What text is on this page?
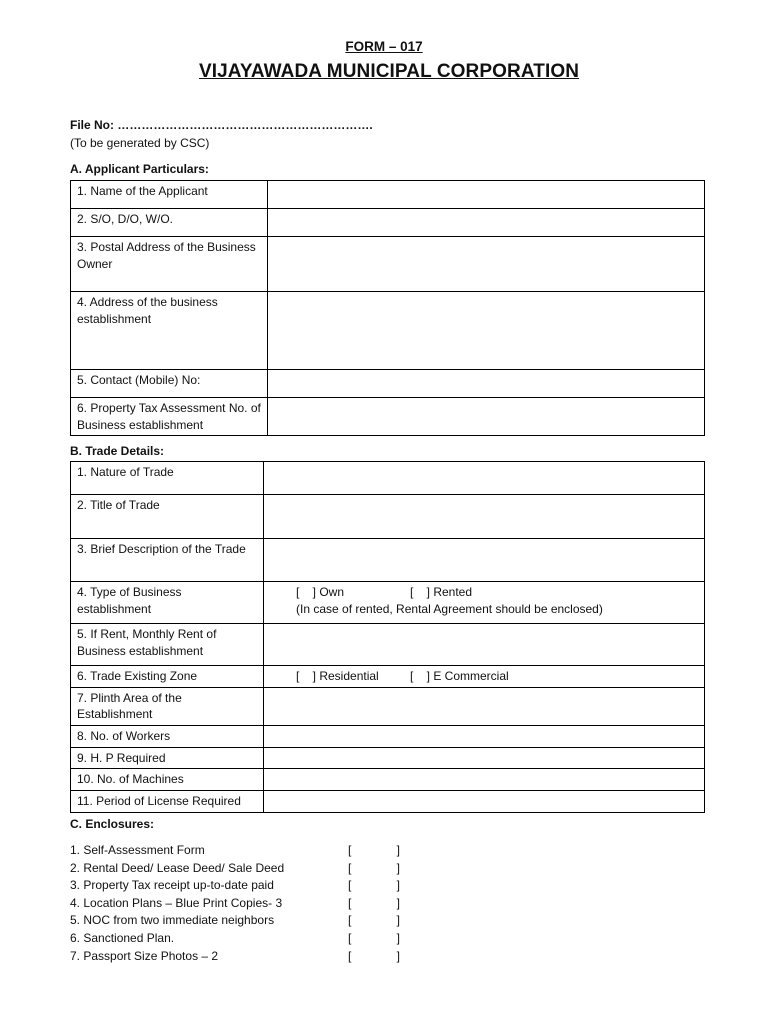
FORM – 017
VIJAYAWADA MUNICIPAL CORPORATION
File No: ……………………………………………………….
(To be generated by CSC)
A. Applicant Particulars:
1. Name of the Applicant	
2. S/O, D/O, W/O.	
3. Postal Address of the Business Owner	
4. Address of the business establishment	
5. Contact (Mobile) No:	
6. Property Tax Assessment No. of Business establishment	
B. Trade Details:
1. Nature of Trade	
2. Title of Trade	
3. Brief Description of the Trade	
4. Type of Business establishment	[    ] Own [    ] Rented
(In case of rented, Rental Agreement should be enclosed)

5. If Rent, Monthly Rent of Business establishment	
6. Trade Existing Zone	[    ] Residential [    ] E Commercial

7. Plinth Area of the Establishment	
8. No. of Workers	
9. H. P Required	
10. No. of Machines	
11. Period of License Required	
C. Enclosures:
1. Self-Assessment Form	[	]
2. Rental Deed/ Lease Deed/ Sale Deed	[	]
3. Property Tax receipt up-to-date paid	[	]
4. Location Plans – Blue Print Copies- 3	[	]
5. NOC from two immediate neighbors	[	]
6. Sanctioned Plan.	[	]
7. Passport Size Photos – 2	[	]
